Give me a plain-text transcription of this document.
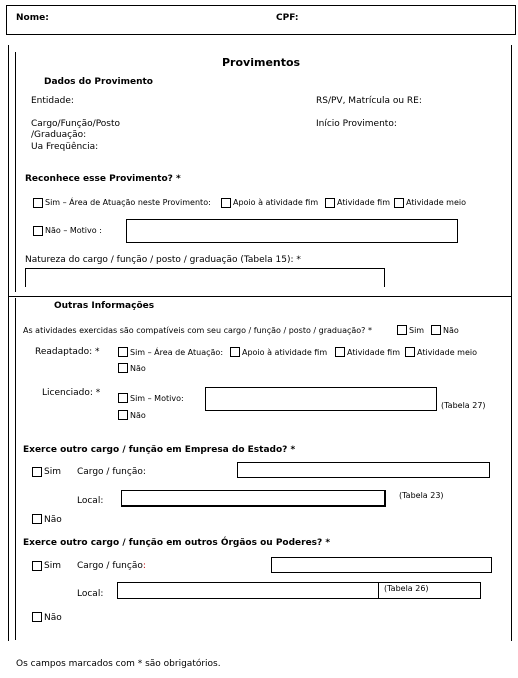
Nome:	CPF:
Provimentos
Dados do Provimento
Entidade:	RS/PV, Matrícula ou RE:
Cargo/Função/Posto
/Graduação:
Início Provimento:
Ua Freqüência:
Reconhece esse Provimento? *
Sim – Área de Atuação neste Provimento:	Apoio à atividade fim Atividade fim Atividade meio
Não – Motivo :
Natureza do cargo / função / posto / graduação (Tabela 15): *
Outras Informações
As atividades exercidas são compatíveis com seu cargo / função / posto / graduação? *	Sim Não
Readaptado: *	Sim – Área de Atuação: Apoio à atividade fim Atividade fim Atividade meio
Não
Licenciado: *
Sim – Motivo:
(Tabela 27)
Não
Exerce outro cargo / função em Empresa do Estado? *
Sim Cargo / função:
Local:
(Tabela 23)
Não
Exerce outro cargo / função em outros Órgãos ou Poderes? *
Sim Cargo / função:
Local:
(Tabela 26)
Não
Os campos marcados com * são obrigatórios.
